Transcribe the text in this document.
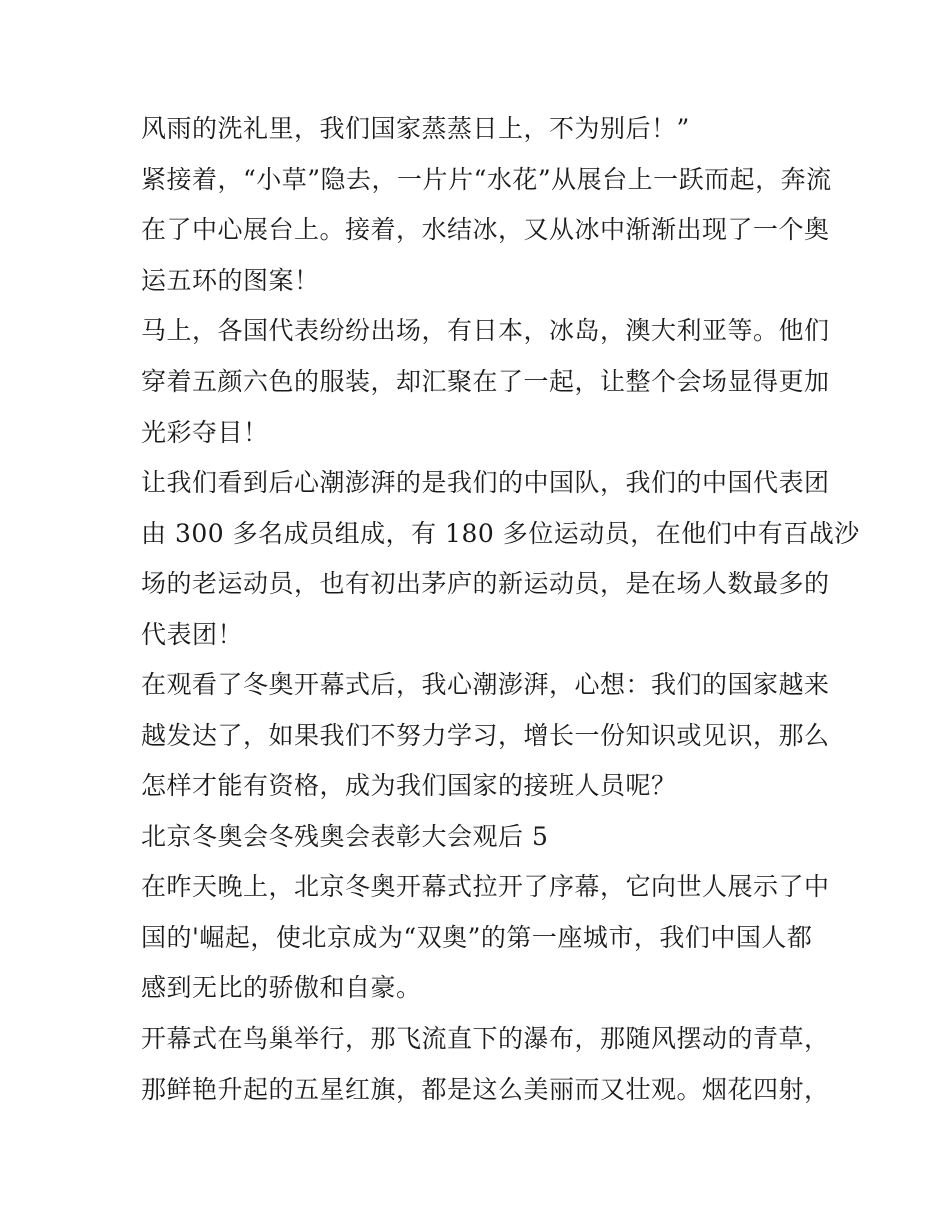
风雨的洗礼里，我们国家蒸蒸日上，不为别后！”
紧接着，“小草”隐去，一片片“水花”从展台上一跃而起，奔流
在了中心展台上。接着，水结冰，又从冰中渐渐出现了一个奥
运五环的图案！
马上，各国代表纷纷出场，有日本，冰岛，澳大利亚等。他们
穿着五颜六色的服装，却汇聚在了一起，让整个会场显得更加
光彩夺目！
让我们看到后心潮澎湃的是我们的中国队，我们的中国代表团
由 300 多名成员组成，有 180 多位运动员，在他们中有百战沙
场的老运动员，也有初出茅庐的新运动员，是在场人数最多的
代表团！
在观看了冬奥开幕式后，我心潮澎湃，心想：我们的国家越来
越发达了，如果我们不努力学习，增长一份知识或见识，那么
怎样才能有资格，成为我们国家的接班人员呢？
北京冬奥会冬残奥会表彰大会观后 5
在昨天晚上，北京冬奥开幕式拉开了序幕，它向世人展示了中
国的'崛起，使北京成为“双奥”的第一座城市，我们中国人都
感到无比的骄傲和自豪。
开幕式在鸟巢举行，那飞流直下的瀑布，那随风摆动的青草，
那鲜艳升起的五星红旗，都是这么美丽而又壮观。烟花四射，
